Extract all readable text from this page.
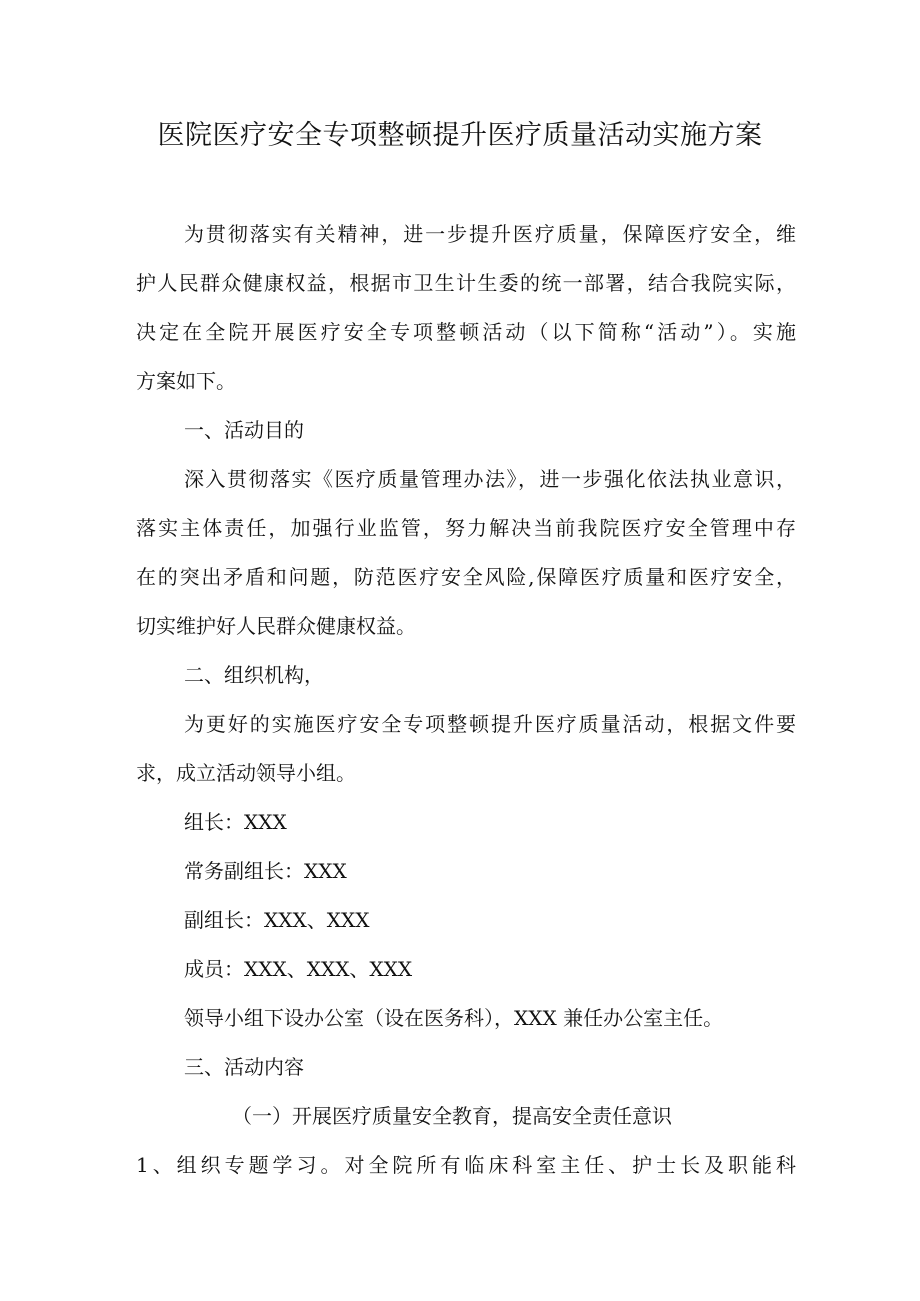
医院医疗安全专项整顿提升医疗质量活动实施方案
为贯彻落实有关精神，进一步提升医疗质量，保障医疗安全，维
护人民群众健康权益，根据市卫生计生委的统一部署，结合我院实际，
决定在全院开展医疗安全专项整顿活动（以下简称“活动”）。实施
方案如下。
一、活动目的
深入贯彻落实《医疗质量管理办法》，进一步强化依法执业意识，
落实主体责任，加强行业监管，努力解决当前我院医疗安全管理中存
在的突出矛盾和问题，防范医疗安全风险,保障医疗质量和医疗安全，
切实维护好人民群众健康权益。
二、组织机构，
为更好的实施医疗安全专项整顿提升医疗质量活动，根据文件要
求，成立活动领导小组。
组长：XXX
常务副组长：XXX
副组长：XXX、XXX
成员：XXX、XXX、XXX
领导小组下设办公室（设在医务科），XXX 兼任办公室主任。
三、活动内容
（一）开展医疗质量安全教育，提高安全责任意识
1、组织专题学习。对全院所有临床科室主任、护士长及职能科
